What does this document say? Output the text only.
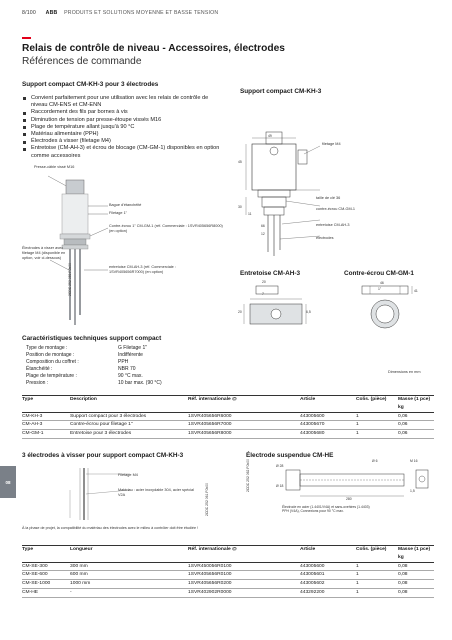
8/100 ABB PRODUITS ET SOLUTIONS MOYENNE ET BASSE TENSION
Relais de contrôle de niveau - Accessoires, électrodes
Références de commande
Support compact CM-KH-3 pour 3 électrodes
Convient parfaitement pour une utilisation avec les relais de contrôle de niveau CM-ENS et CM-ENN
Raccordement des fils par bornes à vis
Diminution de tension par presse-étoupe vissés M16
Plage de température allant jusqu'à 90 °C
Matériau alimentaire (PPH)
Électrodes à visser (filetage M4)
Entretoise (CM-AH-3) et écrou de blocage (CM-GM-1) disponibles en option comme accessoires
Presse-câble vissé M16
Bague d'étanchéité
Filetage 1"
Contre-écrou 1" CM-GM-1 (réf. Commerciale : 1SVR405656R8000) (en option)
entretoise CM-AH-3 (réf. Commerciale : 1SVR405656R7000) (en option)
Électrodes à visser avec filetage M4 (disponible en option, voir ci-dessous)
2CDC 252 059 F0b00
Support compact CM-KH-3
49
45
30
11
66
12
filetage M4
taille de clé 36
contre-écrou CM-GM-1
entretoise CM-AH-3
électrodes
Entretoise CM-AH-3
20
7
20	6,5
Contre-écrou CM-GM-1
46
1"	41
Caractéristiques techniques support compact
Type de montage :	G Filetage 1"
Position de montage :	Indifférente
Composition du coffret :	PPH
Étanchéité :	NBR 70
Plage de température :	90 °C max.
Pression :	10 bar max. (90 °C)
Dimensions en mm
Type	Description	Réf. internationale @	Article	Colis. (pièce)	Masse (1 pce)
					kg
CM-KH-3	Support compact pour 3 électrodes	1SVR405656R6000	443005600	1	0,06
CM-AH-3	Contre-écrou pour filetage 1"	1SVR405656R7000	443005670	1	0,06
CM-GM-1	Entretoise pour 3 électrodes	1SVR405656R8000	443005680	1	0,06
08
3 électrodes à visser pour support compact CM-KH-3
Filetage M4
Matériau : acier inoxydable 304, acier spécial V2A	2CDC 252 061 F0b00
Électrode suspendue CM-HE
Ø 28
Ø 18
Ø 6	M 16
1,5
280
Électrode en acier (1.4401/V4A) et sans-ovehires (1.4403) PPH (V4A), Connexions pour 90 °C max.
2CDC 252 062 F0b00
À la phase de projet, la compatibilité du matériau des électrodes avec le milieu à contrôler doit être étudiée !
Type	Longueur	Réf. internationale @	Article	Colis. (pièce)	Masse (1 pce)
					kg
CM-SE-300	300 mm	1SVR450056R0100	443005600	1	0,08
CM-SE-600	600 mm	1SVR405656R0100	443005601	1	0,08
CM-SE-1000	1000 mm	1SVR405656R0200	443005602	1	0,08
CM-HE	-	1SVR402902R0000	443292200	1	0,08
